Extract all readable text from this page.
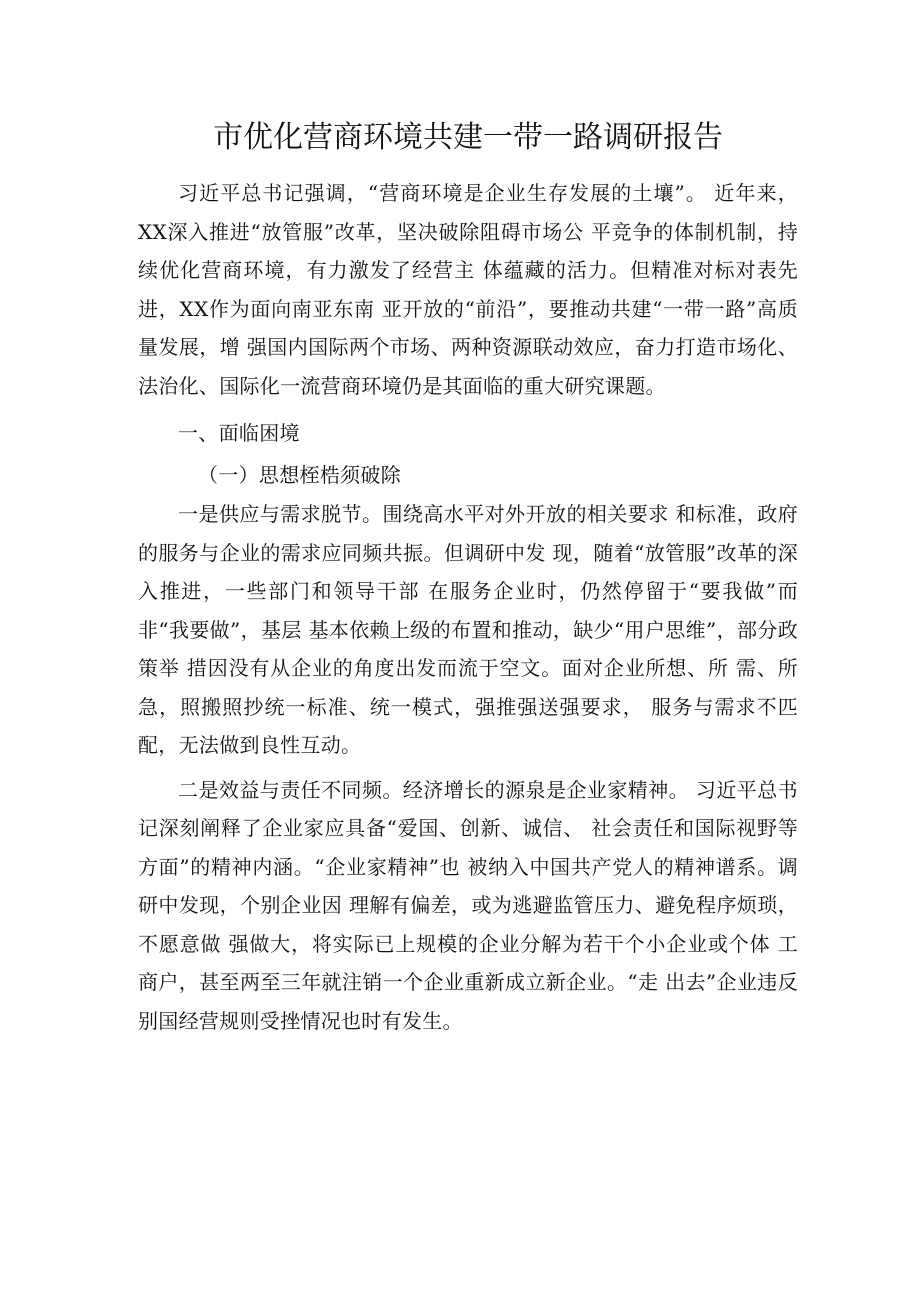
市优化营商环境共建一带一路调研报告

习近平总书记强调，“营商环境是企业生存发展的土壤”。 近年来，XX深入推进“放管服”改革，坚决破除阻碍市场公 平竞争的体制机制，持续优化营商环境，有力激发了经营主 体蕴藏的活力。但精准对标对表先进，XX作为面向南亚东南 亚开放的“前沿”，要推动共建“一带一路”高质量发展，增 强国内国际两个市场、两种资源联动效应，奋力打造市场化、 法治化、国际化一流营商环境仍是其面临的重大研究课题。

一、面临困境

（一）思想桎梏须破除

一是供应与需求脱节。围绕高水平对外开放的相关要求 和标准，政府的服务与企业的需求应同频共振。但调研中发 现，随着“放管服”改革的深入推进，一些部门和领导干部 在服务企业时，仍然停留于“要我做”而非“我要做”，基层 基本依赖上级的布置和推动，缺少“用户思维”，部分政策举 措因没有从企业的角度出发而流于空文。面对企业所想、所 需、所急，照搬照抄统一标准、统一模式，强推强送强要求， 服务与需求不匹配，无法做到良性互动。

二是效益与责任不同频。经济增长的源泉是企业家精神。 习近平总书记深刻阐释了企业家应具备“爱国、创新、诚信、 社会责任和国际视野等方面”的精神内涵。“企业家精神”也 被纳入中国共产党人的精神谱系。调研中发现，个别企业因 理解有偏差，或为逃避监管压力、避免程序烦琐，不愿意做 强做大，将实际已上规模的企业分解为若干个小企业或个体 工商户，甚至两至三年就注销一个企业重新成立新企业。“走 出去”企业违反别国经营规则受挫情况也时有发生。
